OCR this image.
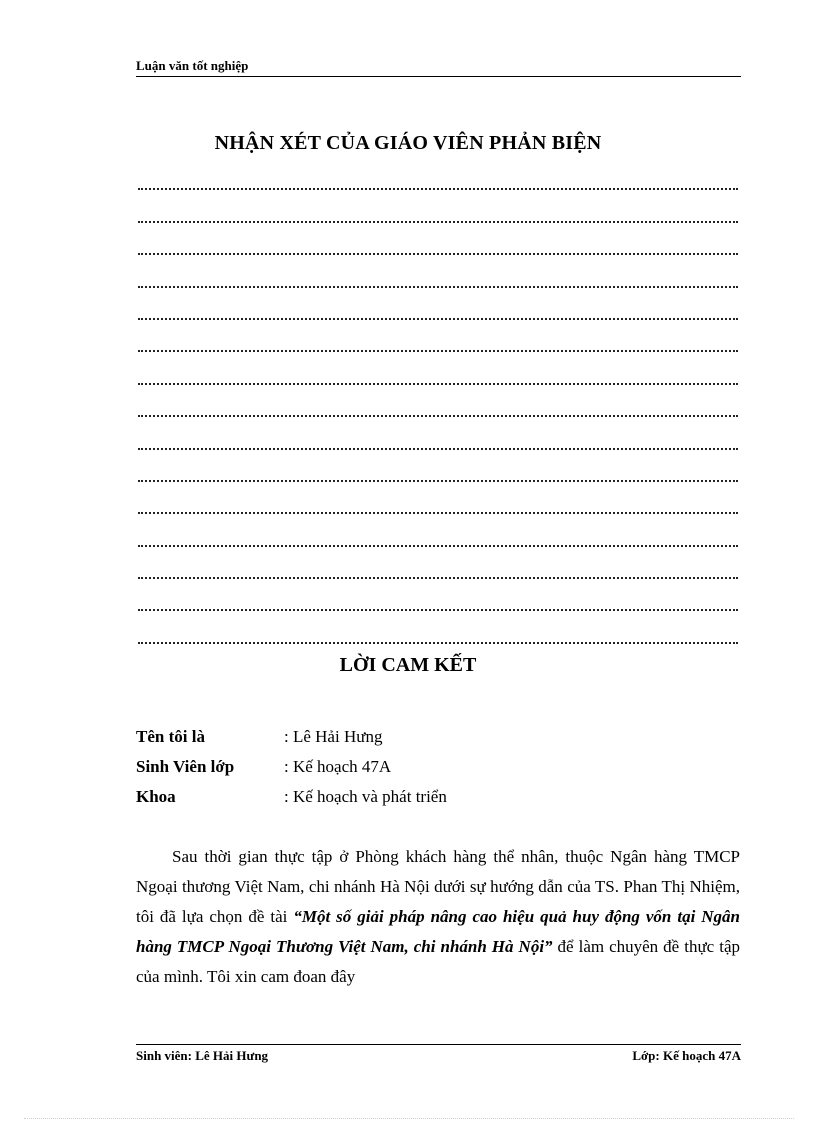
Luận văn tốt nghiệp
NHẬN XÉT CỦA GIÁO VIÊN PHẢN BIỆN
LỜI CAM KẾT
Tên tôi là	: Lê Hải Hưng
Sinh Viên lớp	: Kế hoạch 47A
Khoa	: Kế hoạch và phát triển
Sau thời gian thực tập ở Phòng khách hàng thể nhân, thuộc Ngân hàng TMCP Ngoại thương Việt Nam, chi nhánh Hà Nội dưới sự hướng dẫn của TS. Phan Thị Nhiệm, tôi đã lựa chọn đề tài “Một số giải pháp nâng cao hiệu quả huy động vốn tại Ngân hàng TMCP Ngoại Thương Việt Nam, chi nhánh Hà Nội” để làm chuyên đề thực tập của mình. Tôi xin cam đoan đây
Sinh viên: Lê Hải Hưng	Lớp: Kế hoạch 47A
